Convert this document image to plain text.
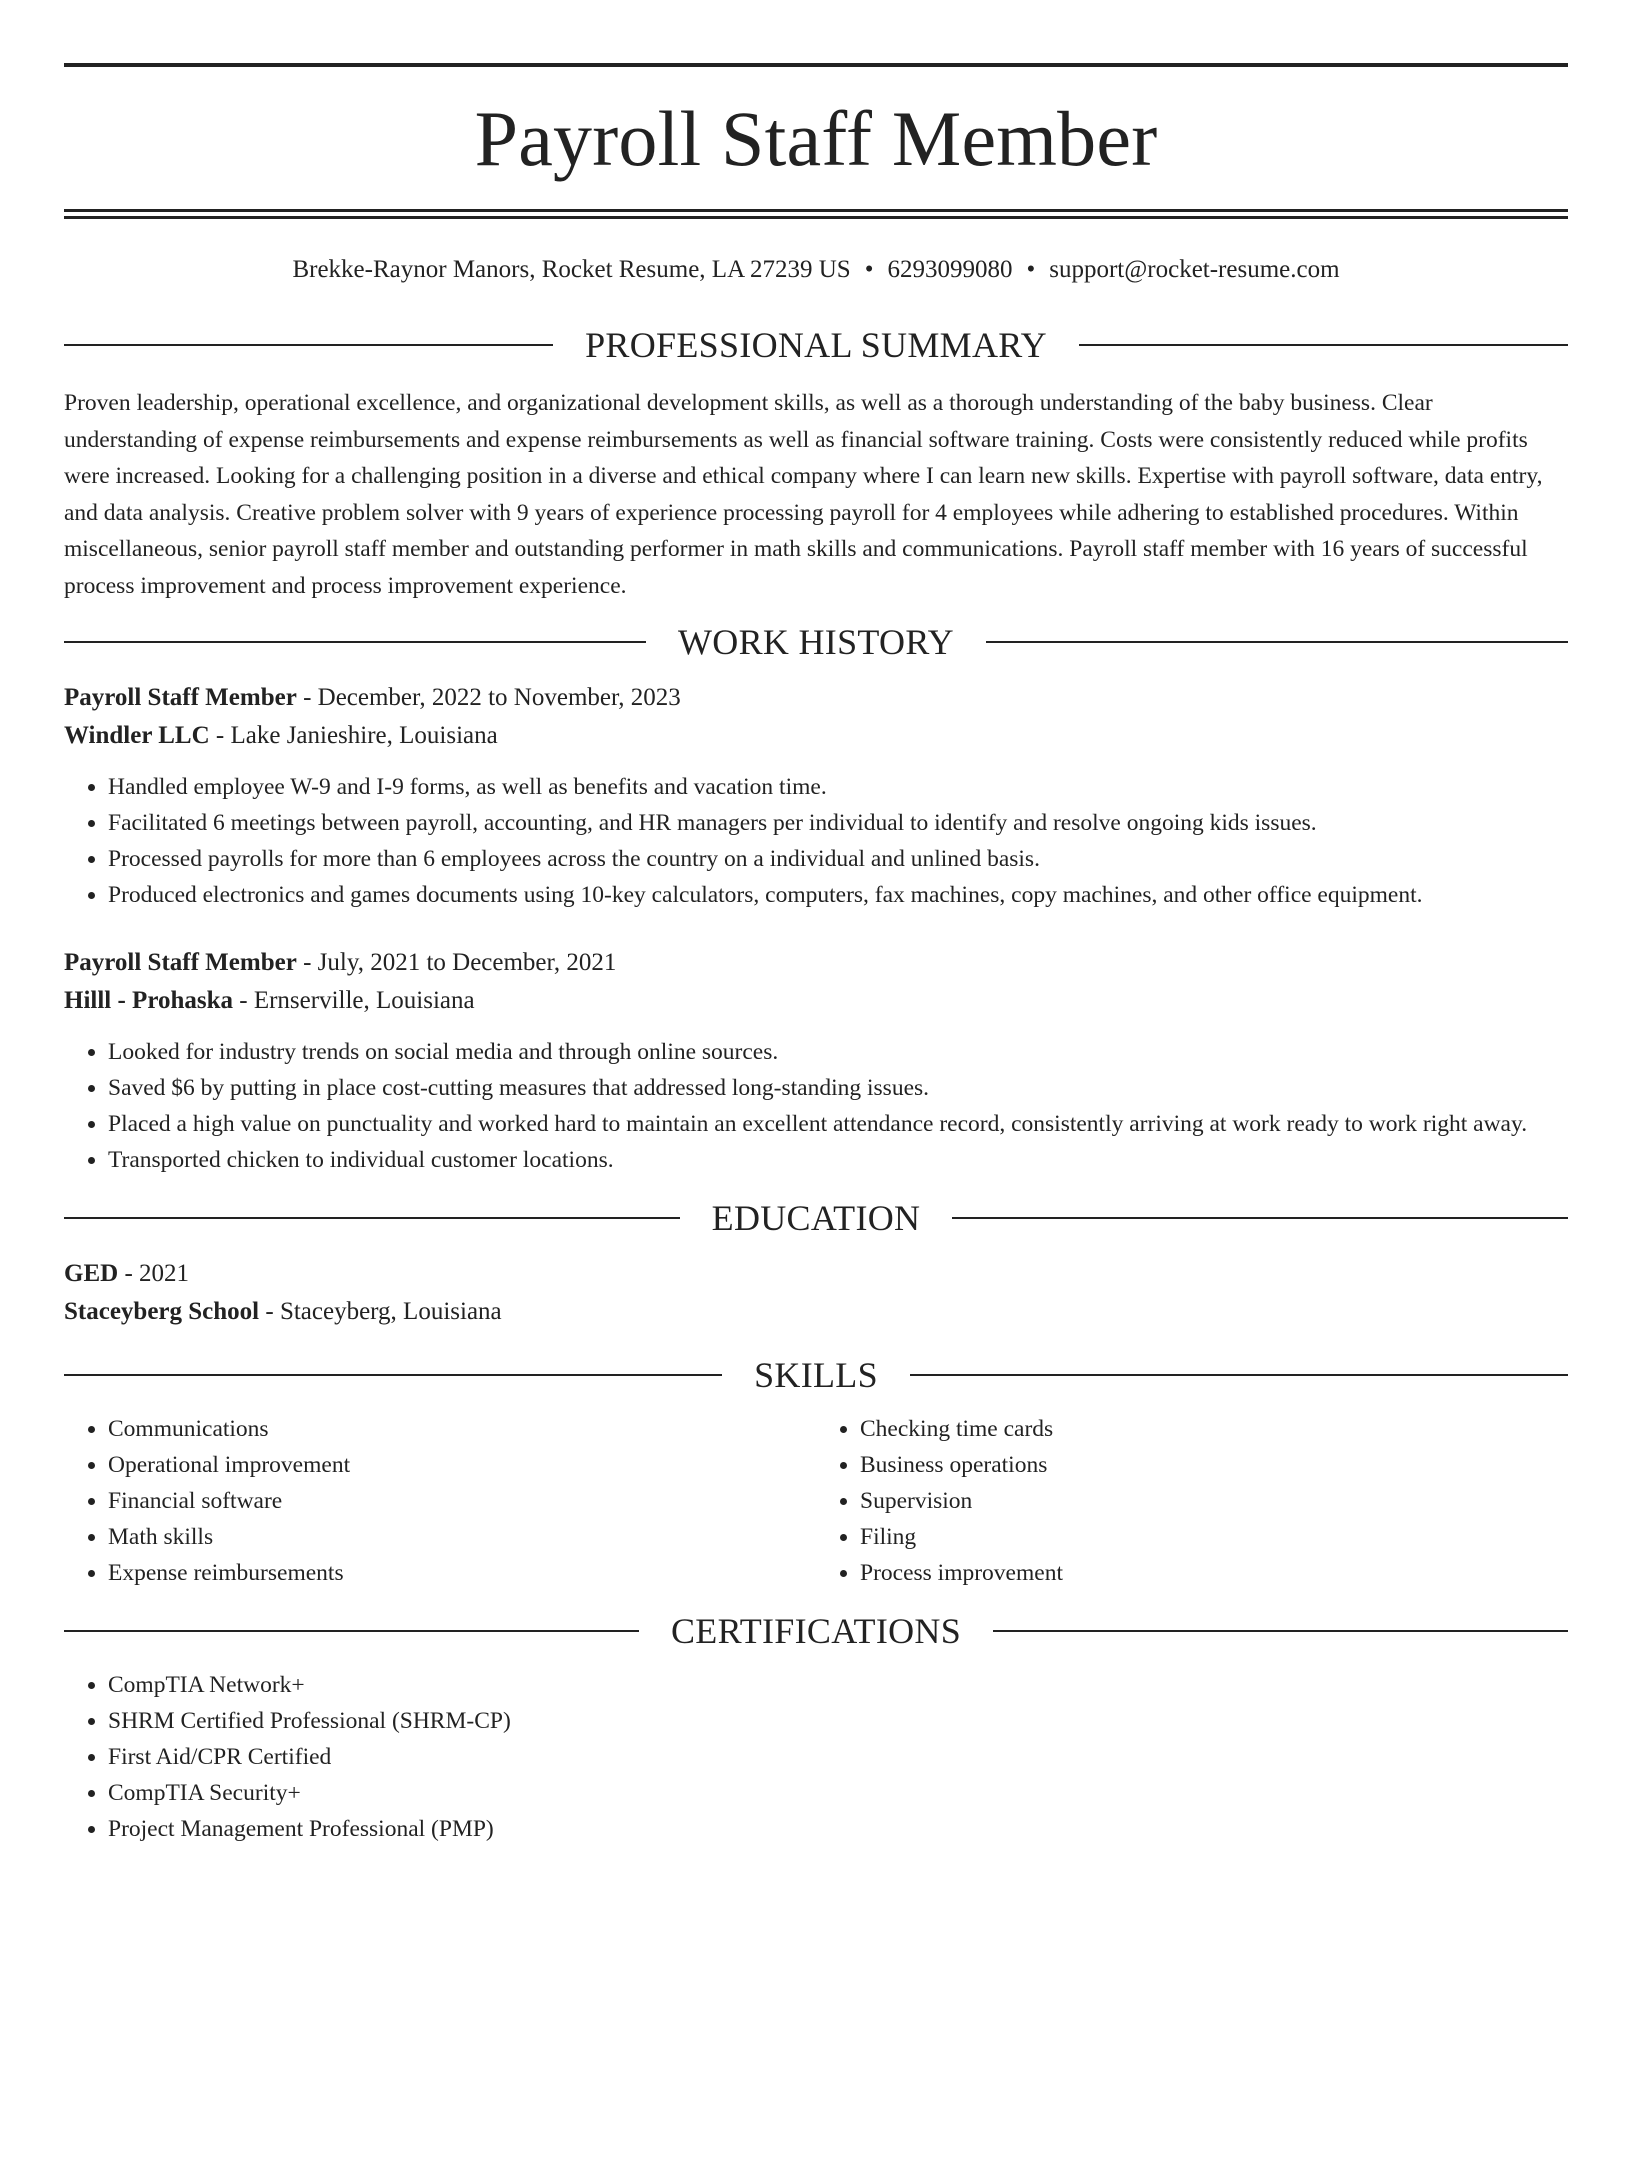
Payroll Staff Member
Brekke-Raynor Manors, Rocket Resume, LA 27239 US • 6293099080 • support@rocket-resume.com
PROFESSIONAL SUMMARY
Proven leadership, operational excellence, and organizational development skills, as well as a thorough understanding of the baby business. Clear understanding of expense reimbursements and expense reimbursements as well as financial software training. Costs were consistently reduced while profits were increased. Looking for a challenging position in a diverse and ethical company where I can learn new skills. Expertise with payroll software, data entry, and data analysis. Creative problem solver with 9 years of experience processing payroll for 4 employees while adhering to established procedures. Within miscellaneous, senior payroll staff member and outstanding performer in math skills and communications. Payroll staff member with 16 years of successful process improvement and process improvement experience.
WORK HISTORY
Payroll Staff Member - December, 2022 to November, 2023
Windler LLC - Lake Janieshire, Louisiana
• Handled employee W-9 and I-9 forms, as well as benefits and vacation time.
• Facilitated 6 meetings between payroll, accounting, and HR managers per individual to identify and resolve ongoing kids issues.
• Processed payrolls for more than 6 employees across the country on a individual and unlined basis.
• Produced electronics and games documents using 10-key calculators, computers, fax machines, copy machines, and other office equipment.
Payroll Staff Member - July, 2021 to December, 2021
Hilll - Prohaska - Ernserville, Louisiana
• Looked for industry trends on social media and through online sources.
• Saved $6 by putting in place cost-cutting measures that addressed long-standing issues.
• Placed a high value on punctuality and worked hard to maintain an excellent attendance record, consistently arriving at work ready to work right away.
• Transported chicken to individual customer locations.
EDUCATION
GED - 2021
Staceyberg School - Staceyberg, Louisiana
SKILLS
• Communications
• Operational improvement
• Financial software
• Math skills
• Expense reimbursements
• Checking time cards
• Business operations
• Supervision
• Filing
• Process improvement
CERTIFICATIONS
• CompTIA Network+
• SHRM Certified Professional (SHRM-CP)
• First Aid/CPR Certified
• CompTIA Security+
• Project Management Professional (PMP)
